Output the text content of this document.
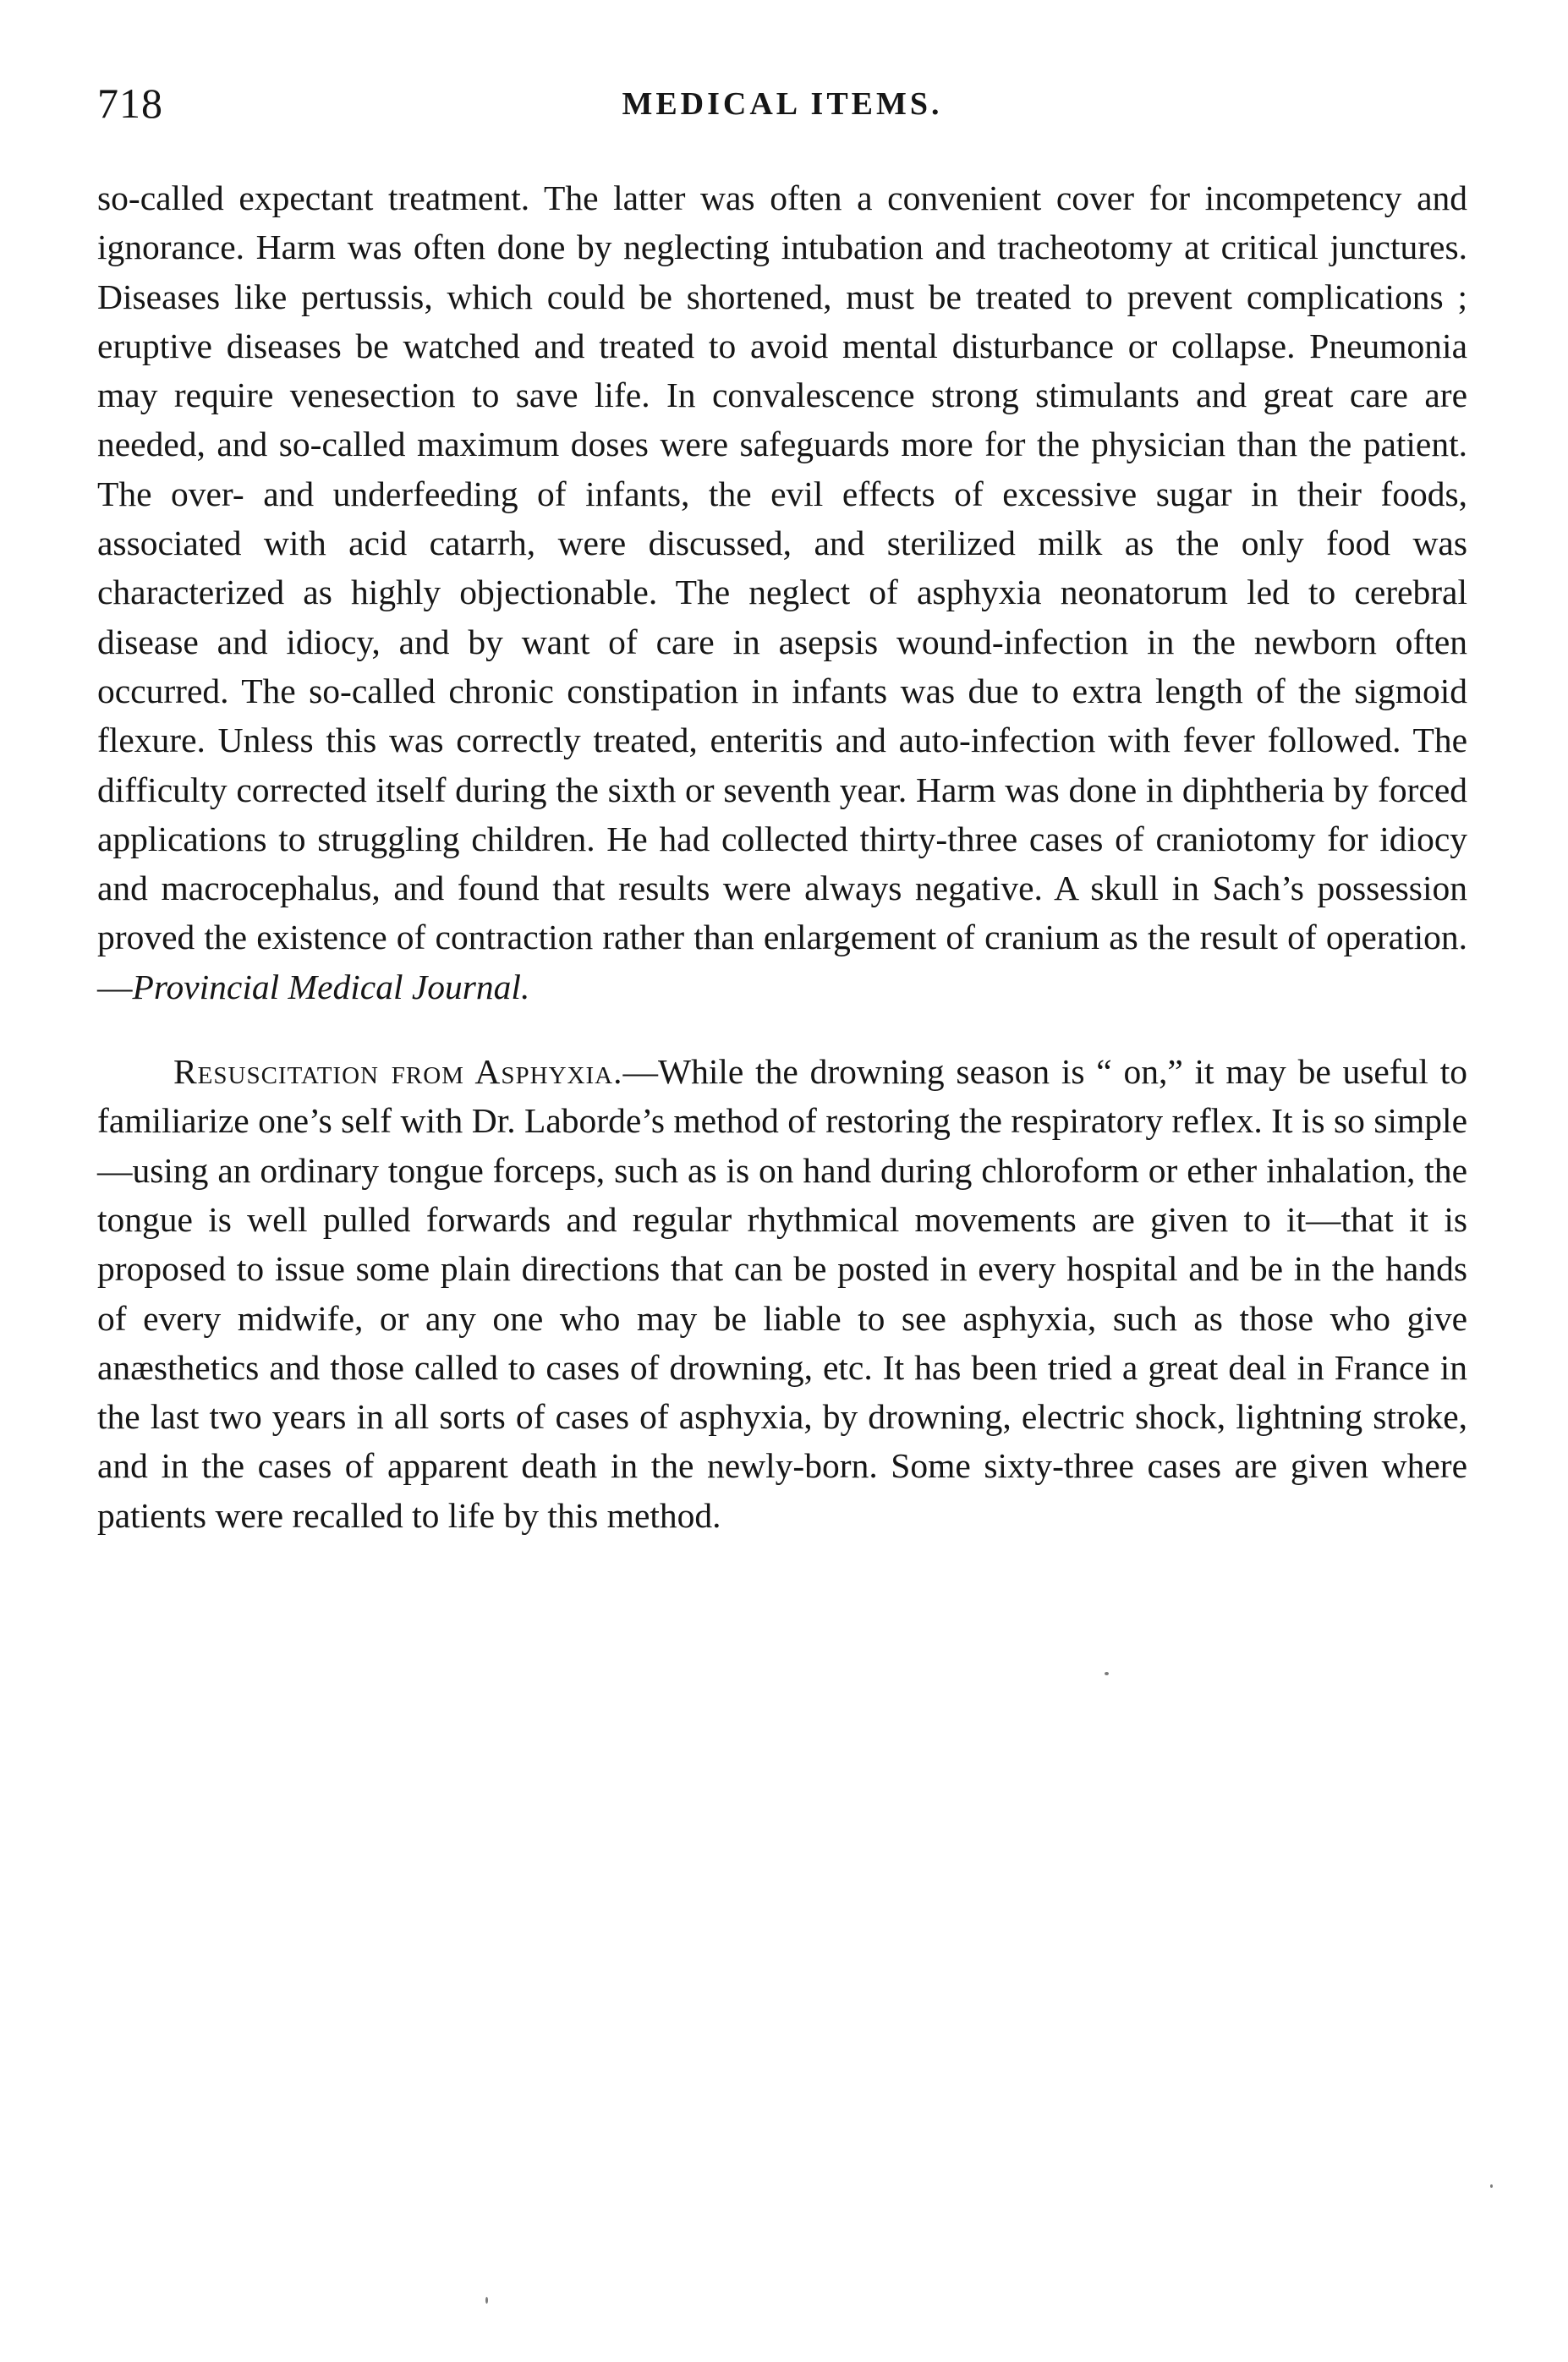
718	MEDICAL ITEMS.

so-called expectant treatment. The latter was often a convenient cover for incompetency and ignorance. Harm was often done by neglecting intubation and tracheotomy at critical junctures. Diseases like pertussis, which could be shortened, must be treated to prevent complications ; eruptive diseases be watched and treated to avoid mental disturbance or collapse. Pneumonia may require venesection to save life. In convalescence strong stimulants and great care are needed, and so-called maximum doses were safeguards more for the physician than the patient. The over- and underfeeding of infants, the evil effects of excessive sugar in their foods, associated with acid catarrh, were discussed, and sterilized milk as the only food was characterized as highly objectionable. The neglect of asphyxia neonatorum led to cerebral disease and idiocy, and by want of care in asepsis wound-infection in the newborn often occurred. The so-called chronic constipation in infants was due to extra length of the sigmoid flexure. Unless this was correctly treated, enteritis and auto-infection with fever followed. The difficulty corrected itself during the sixth or seventh year. Harm was done in diphtheria by forced applications to struggling children. He had collected thirty-three cases of craniotomy for idiocy and macrocephalus, and found that results were always negative. A skull in Sach’s possession proved the existence of contraction rather than enlargement of cranium as the result of operation.—Provincial Medical Journal.

Resuscitation from Asphyxia.—While the drowning season is “ on,” it may be useful to familiarize one’s self with Dr. Laborde’s method of restoring the respiratory reflex. It is so simple—using an ordinary tongue forceps, such as is on hand during chloroform or ether inhalation, the tongue is well pulled forwards and regular rhythmical movements are given to it—that it is proposed to issue some plain directions that can be posted in every hospital and be in the hands of every midwife, or any one who may be liable to see asphyxia, such as those who give anæsthetics and those called to cases of drowning, etc. It has been tried a great deal in France in the last two years in all sorts of cases of asphyxia, by drowning, electric shock, lightning stroke, and in the cases of apparent death in the newly-born. Some sixty-three cases are given where patients were recalled to life by this method.
